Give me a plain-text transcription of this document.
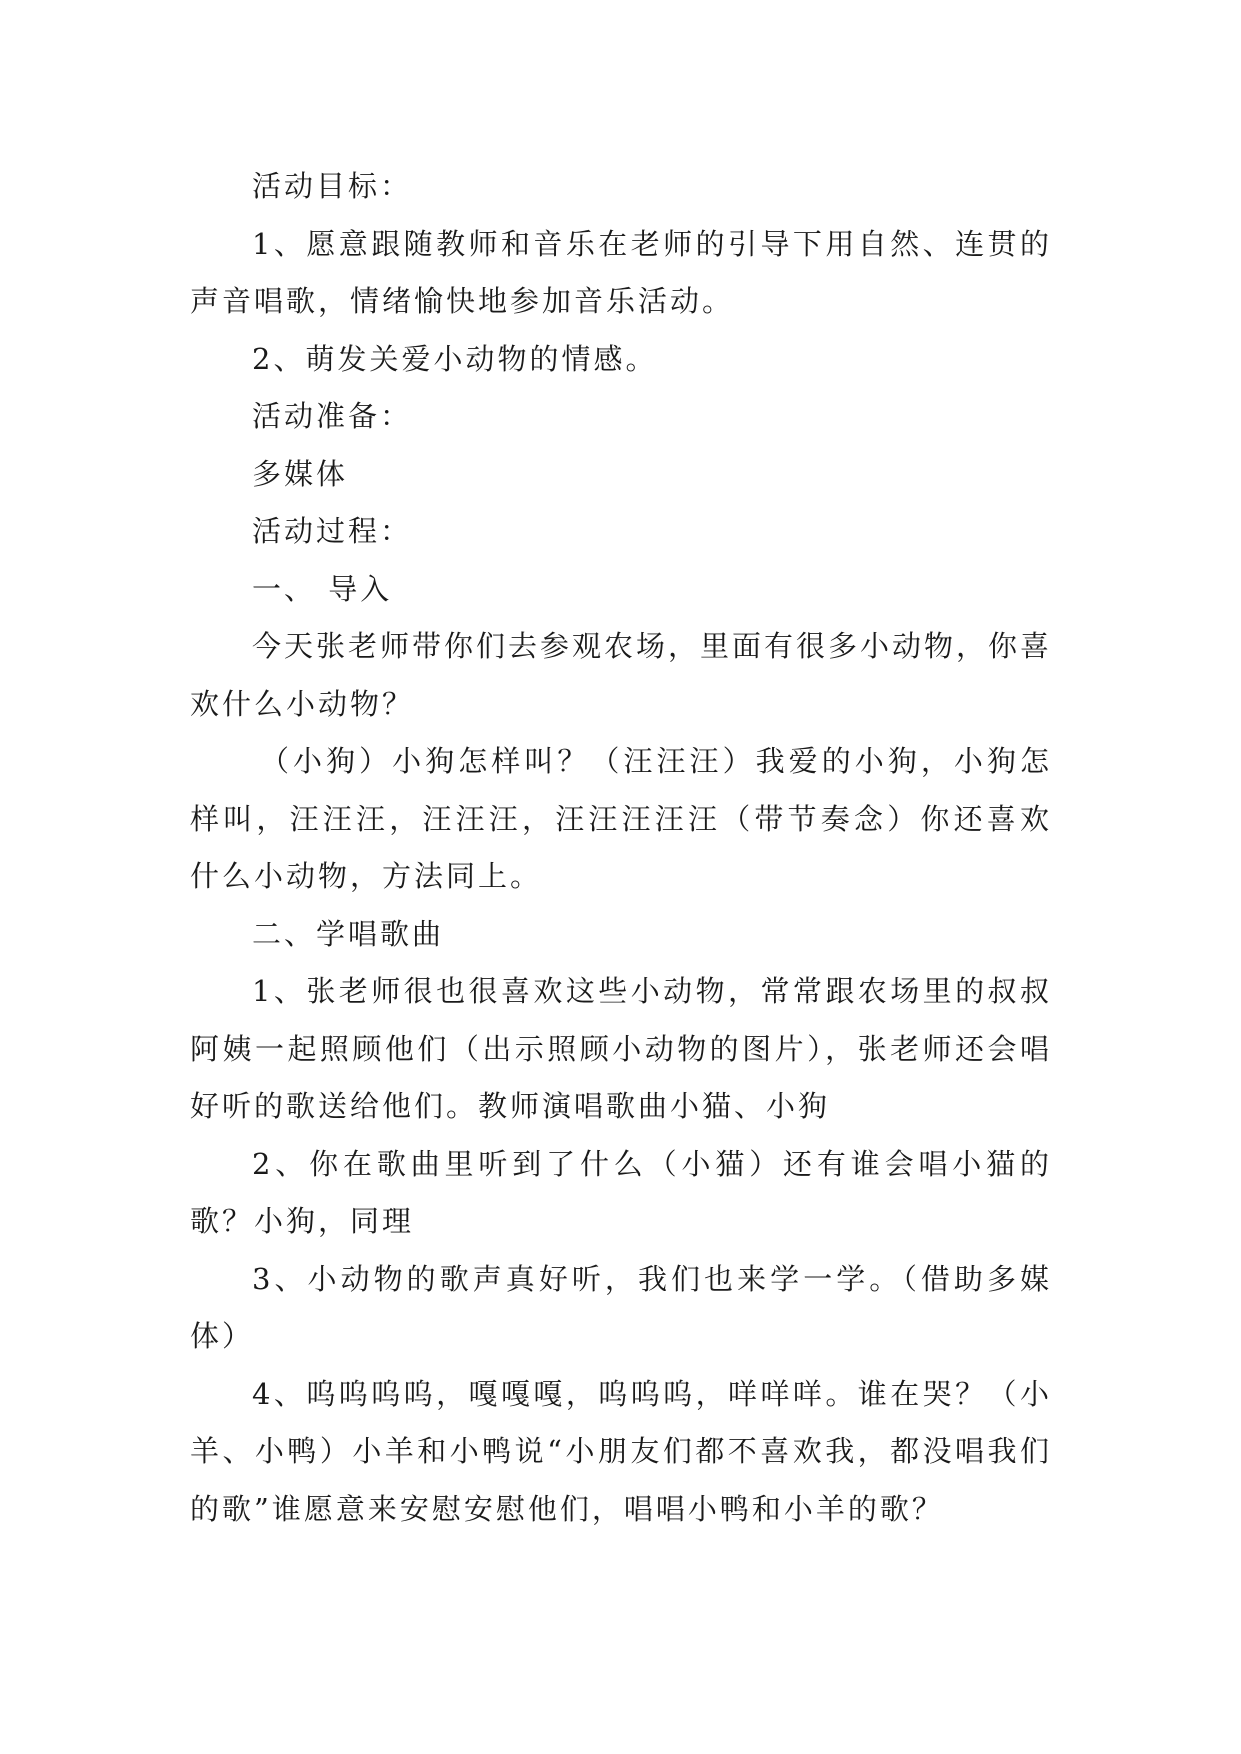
活动目标：

1、愿意跟随教师和音乐在老师的引导下用自然、连贯的声音唱歌，情绪愉快地参加音乐活动。

2、萌发关爱小动物的情感。

活动准备：

多媒体

活动过程：

一、 导入

今天张老师带你们去参观农场，里面有很多小动物，你喜欢什么小动物？

（小狗）小狗怎样叫？（汪汪汪）我爱的小狗，小狗怎样叫，汪汪汪，汪汪汪，汪汪汪汪汪（带节奏念）你还喜欢什么小动物，方法同上。

二、学唱歌曲

1、张老师很也很喜欢这些小动物，常常跟农场里的叔叔阿姨一起照顾他们（出示照顾小动物的图片），张老师还会唱好听的歌送给他们。教师演唱歌曲小猫、小狗

2、你在歌曲里听到了什么（小猫）还有谁会唱小猫的歌？小狗，同理

3、小动物的歌声真好听，我们也来学一学。（借助多媒体）

4、呜呜呜呜，嘎嘎嘎，呜呜呜，咩咩咩。谁在哭？（小羊、小鸭）小羊和小鸭说“小朋友们都不喜欢我，都没唱我们的歌”谁愿意来安慰安慰他们，唱唱小鸭和小羊的歌？
